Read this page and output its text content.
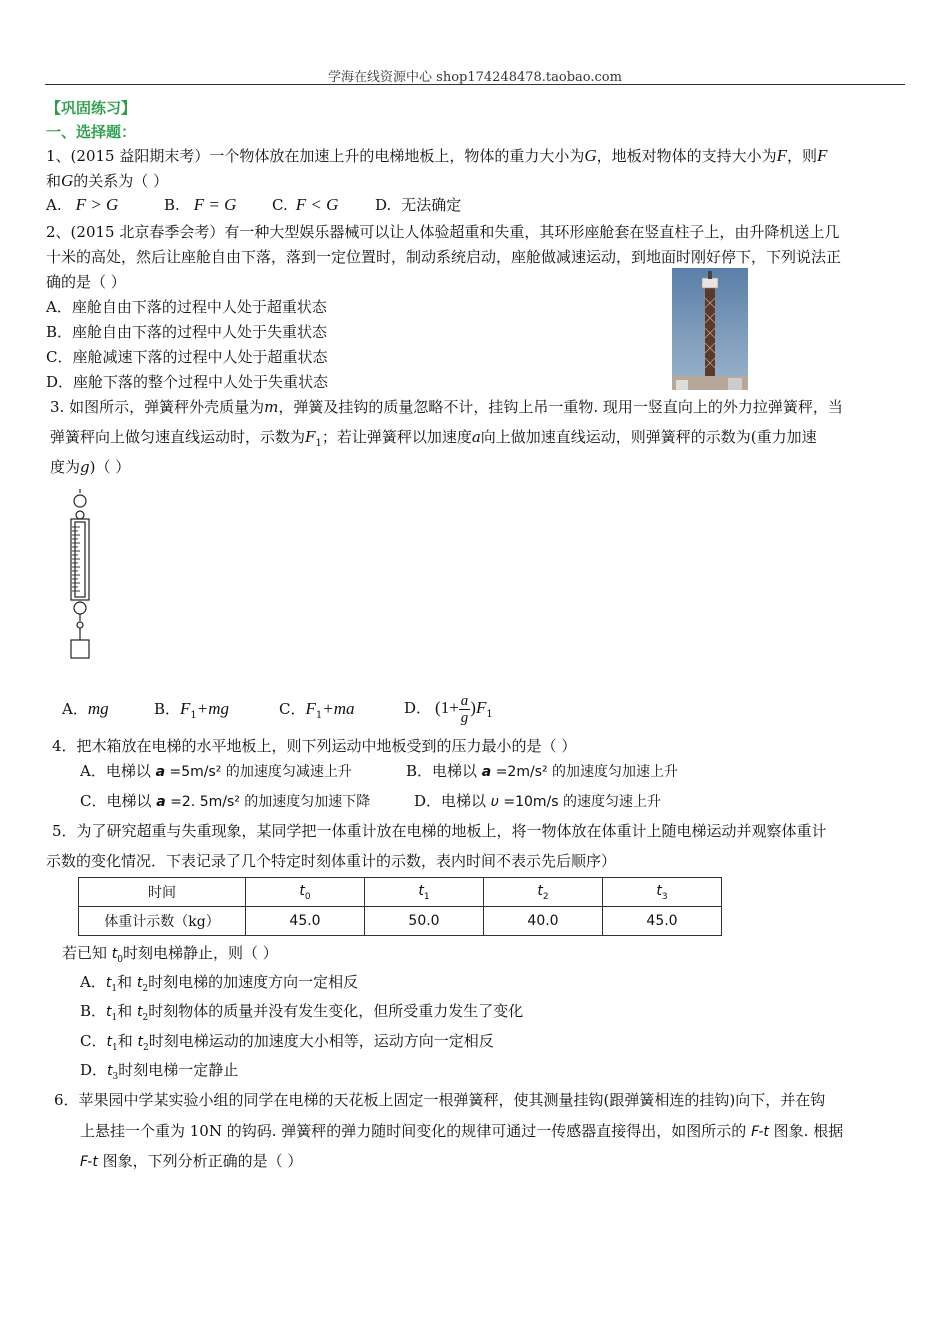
学海在线资源中心 shop174248478.taobao.com
【巩固练习】
一、选择题：
1、(2015 益阳期末考）一个物体放在加速上升的电梯地板上，物体的重力大小为G，地板对物体的支持大小为F，则F
和G的关系为（ ）
A. F > G	B. F = G C. F < G D. 无法确定
2、(2015 北京春季会考）有一种大型娱乐器械可以让人体验超重和失重，其环形座舱套在竖直柱子上，由升降机送上几
十米的高处，然后让座舱自由下落，落到一定位置时，制动系统启动，座舱做减速运动，到地面时刚好停下，下列说法正
确的是（ ）
A．座舱自由下落的过程中人处于超重状态
B．座舱自由下落的过程中人处于失重状态
C．座舱减速下落的过程中人处于超重状态
D．座舱下落的整个过程中人处于失重状态
3. 如图所示，弹簧秤外壳质量为m，弹簧及挂钩的质量忽略不计，挂钩上吊一重物. 现用一竖直向上的外力拉弹簧秤，当
弹簧秤向上做匀速直线运动时，示数为$F_1$；若让弹簧秤以加速度a向上做加速直线运动，则弹簧秤的示数为(重力加速
度为g)（ ）
A．mg	B．$F_1+mg$	C．$F_1+ma$	D． $(1+ \frac{a}{g} )F_1$
4．把木箱放在电梯的水平地板上，则下列运动中地板受到的压力最小的是（ ）
A．电梯以 a =5m/s² 的加速度匀减速上升	B．电梯以 a =2m/s² 的加速度匀加速上升
C．电梯以 a =2. 5m/s² 的加速度匀加速下降	D．电梯以 υ =10m/s 的速度匀速上升
5．为了研究超重与失重现象，某同学把一体重计放在电梯的地板上，将一物体放在体重计上随电梯运动并观察体重计
示数的变化情况．下表记录了几个特定时刻体重计的示数，表内时间不表示先后顺序）
时间	$t_0$	$t_1$	$t_2$	$t_3$
体重计示数（kg）	45.0	50.0	40.0	45.0
若已知 $t_0$时刻电梯静止，则（ ）
A．$t_1$和 $t_2$时刻电梯的加速度方向一定相反
B．$t_1$和 $t_2$时刻物体的质量并没有发生变化，但所受重力发生了变化
C．$t_1$和 $t_2$时刻电梯运动的加速度大小相等，运动方向一定相反
D．$t_3$时刻电梯一定静止
6．苹果园中学某实验小组的同学在电梯的天花板上固定一根弹簧秤，使其测量挂钩(跟弹簧相连的挂钩)向下，并在钩
上悬挂一个重为 10N 的钩码. 弹簧秤的弹力随时间变化的规律可通过一传感器直接得出，如图所示的 F-t 图象. 根据
F-t 图象，下列分析正确的是（ ）
